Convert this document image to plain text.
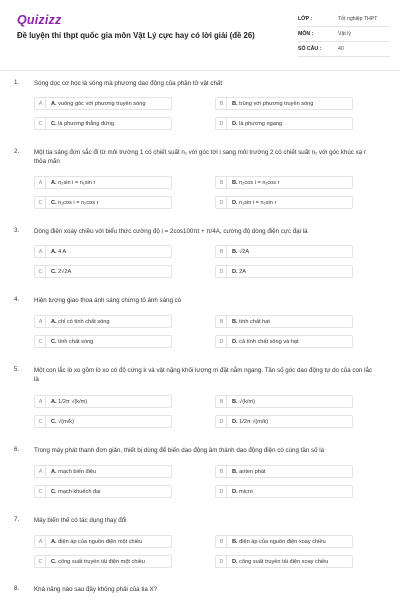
Quizizz
Đề luyện thi thpt quốc gia môn Vật Lý cực hay có lời giải (đề 26)
LỚP :	Tốt nghiệp THPT
MÔN :	Vật lý
SỐ CÂU :	40
1. Sóng dọc cơ học là sóng mà phương dao động của phần tử vật chất
A	A. vuông góc với phương truyền sóng	B	B. trùng với phương truyền sóng
C	C. là phương thẳng đứng	D	D. là phương ngang
2. Một tia sáng đơn sắc đi từ môi trường 1 có chiết suất n₁ với góc tới i sang môi trường 2 có chiết suất n₁ với góc khúc xạ r thỏa mãn
A	A. n₂sin i = n₁sin r	B	B. n₂cos i = n₁cos r
C	C. n₁cos i = n₂cos r	D	D. n₁sin i = n₂sin r
3. Dòng điện xoay chiều với biểu thức cường độ i = 2cos100πt + π/4A, cường độ dòng điện cực đại là
A	A. 4 A	B	B. √2A
C	C. 2√2A	D	D. 2A
4. Hiện tượng giao thoa ánh sáng chứng tỏ ánh sáng có
A	A. chỉ có tính chất sóng	B	B. tính chất hạt
C	C. tính chất sóng	D	D. cả tính chất sóng và hạt
5. Một con lắc lò xo gồm lò xo có độ cứng k và vật nặng khối lượng m đặt nằm ngang. Tần số góc dao động tự do của con lắc là
A	A. 1/2π √(k/m)	B	B. √(k/m)
C	C. √(m/k)	D	D. 1/2π √(m/k)
6. Trong máy phát thanh đơn giản, thiết bị dùng để biến dao động âm thành dao động điện có cùng tần số là
A	A. mạch biến điệu	B	B. anten phát
C	C. mạch khuếch đại	D	D. micro
7. Máy biến thế có tác dụng thay đổi
A	A. điện áp của nguồn điện một chiều	B	B. điện áp của nguồn điện xoay chiều
C	C. công suất truyền tải điện một chiều	D	D. công suất truyền tải điện xoay chiều
8. Khả năng nào sau đây không phải của tia X?
